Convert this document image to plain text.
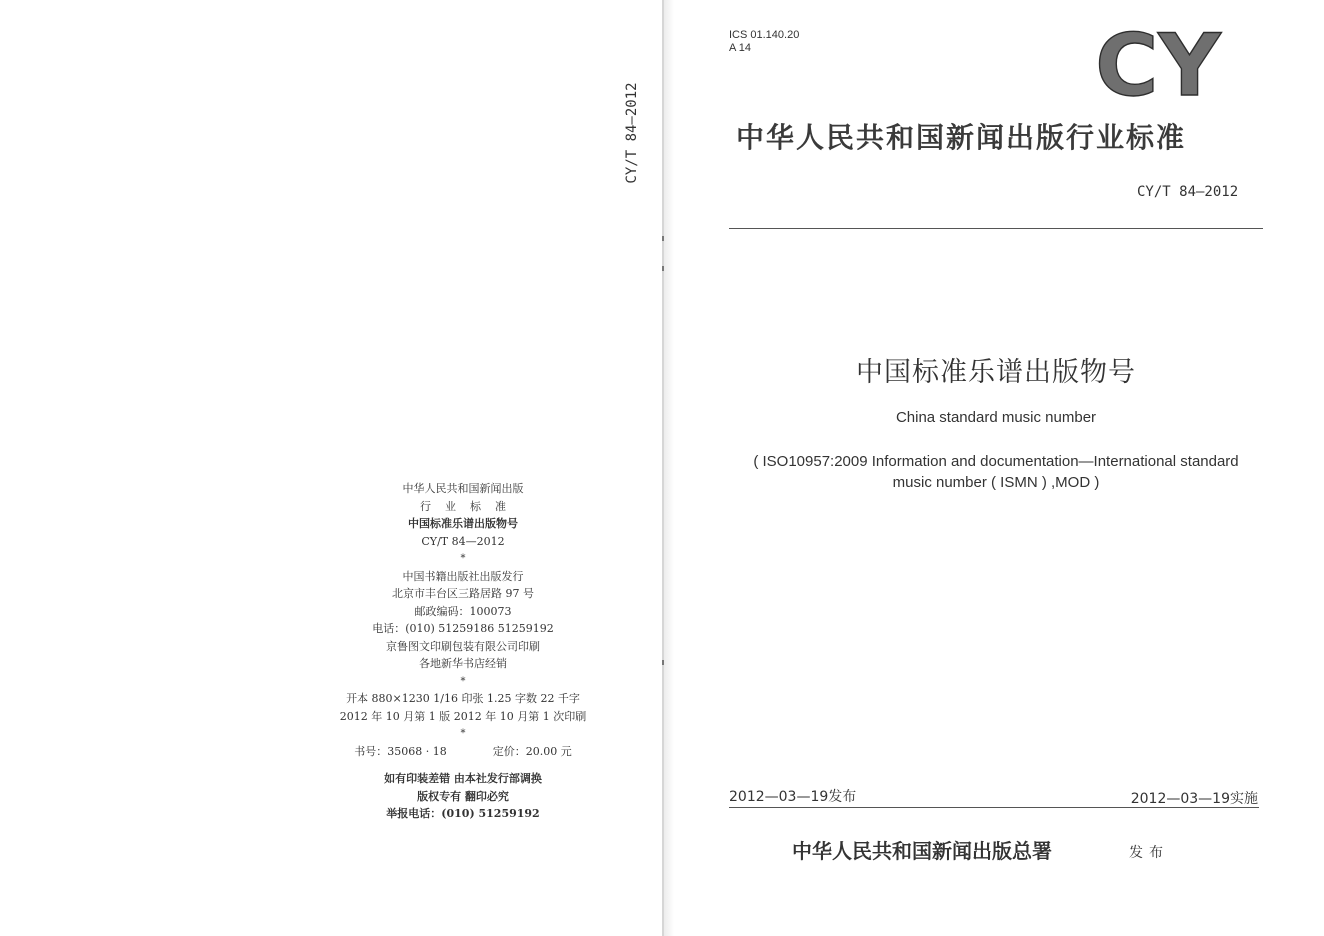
CY/T 84—2012
中华人民共和国新闻出版
行业标准
中国标准乐谱出版物号
CY/T 84—2012
*
中国书籍出版社出版发行
北京市丰台区三路居路 97 号
邮政编码：100073
电话：(010) 51259186 51259192
京鲁图文印刷包装有限公司印刷
各地新华书店经销
*
开本 880×1230 1/16 印张 1.25 字数 22 千字
2012 年 10 月第 1 版 2012 年 10 月第 1 次印刷
*
书号：35068 · 18	定价：20.00 元
如有印装差错 由本社发行部调换
版权专有 翻印必究
举报电话：(010) 51259192
ICS 01.140.20
A 14	CY
中华人民共和国新闻出版行业标准
CY/T 84—2012
中国标准乐谱出版物号
China standard music number
( ISO10957:2009 Information and documentation—International standard
music number ( ISMN ) ,MOD )
2012—03—19发布	2012—03—19实施
中华人民共和国新闻出版总署	发布
